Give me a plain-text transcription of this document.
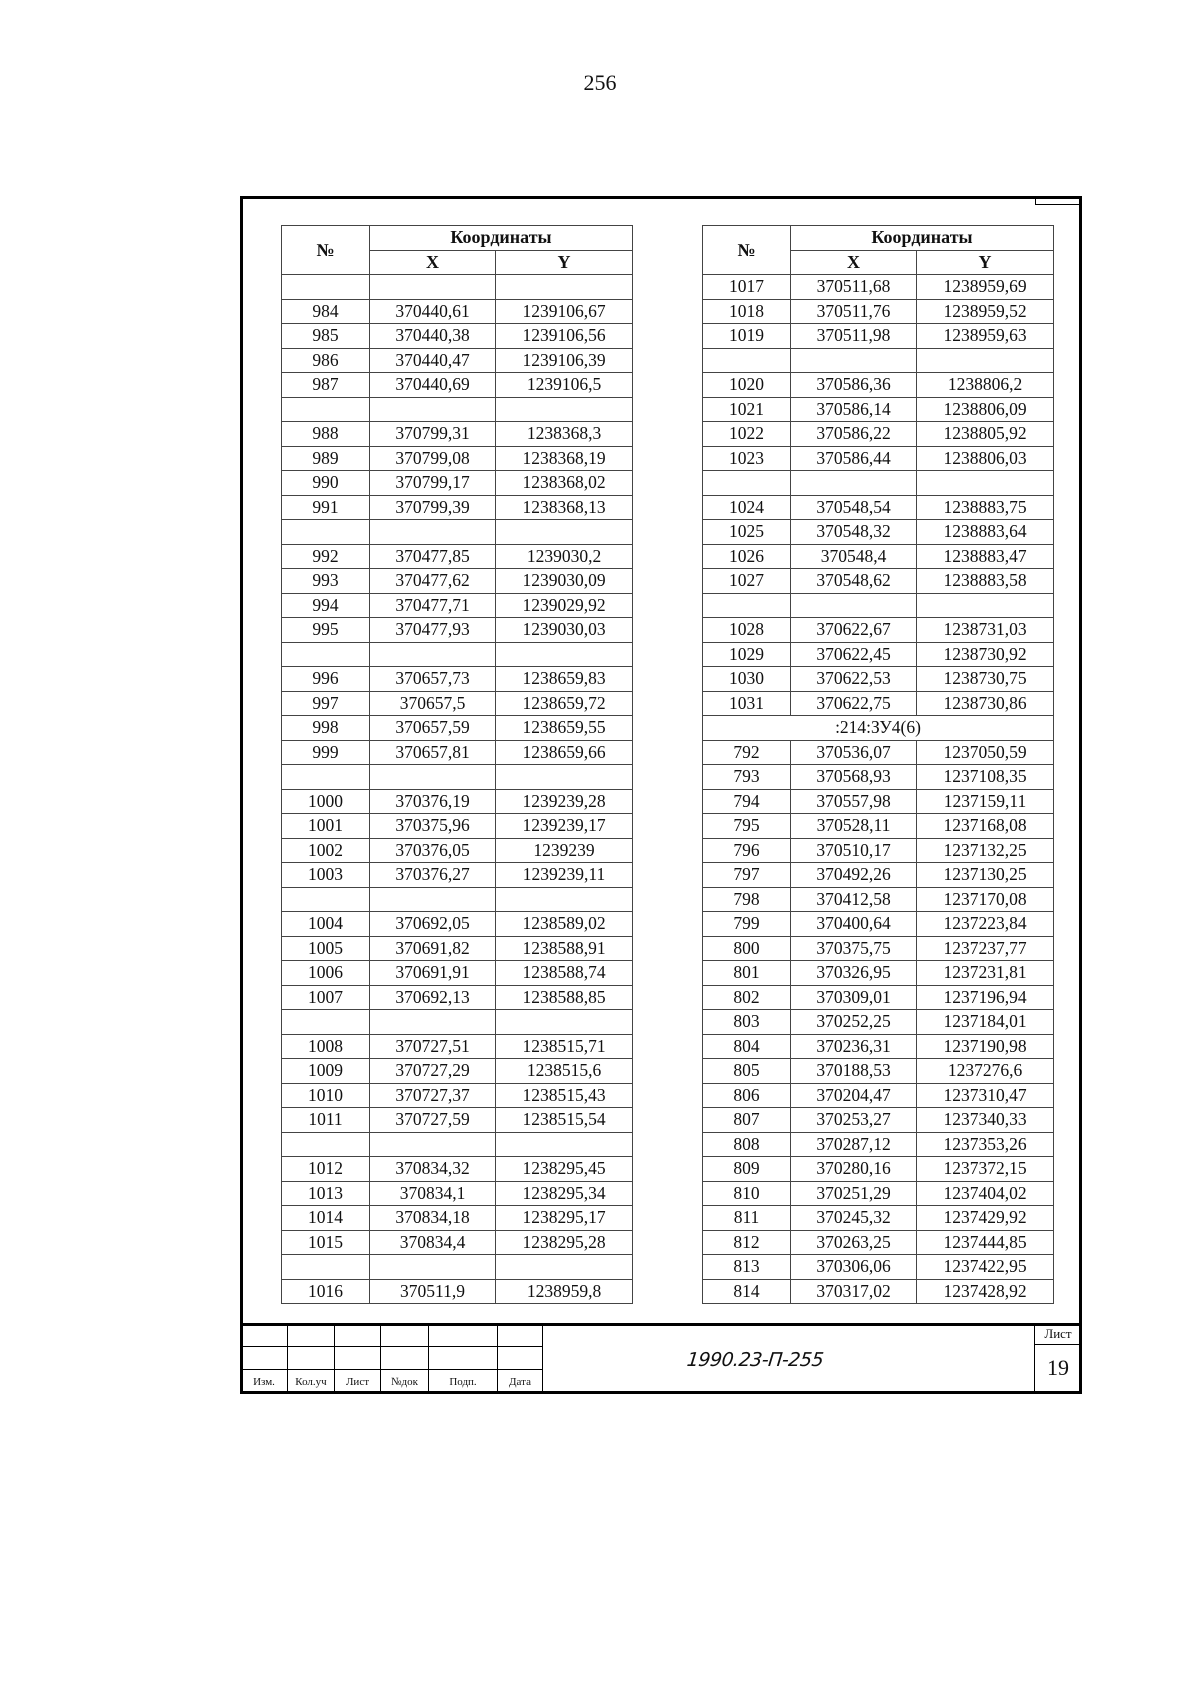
256
№	Координаты	
	X	Y

984	370440,61	1239106,67
985	370440,38	1239106,56
986	370440,47	1239106,39
987	370440,69	1239106,5

988	370799,31	1238368,3
989	370799,08	1238368,19
990	370799,17	1238368,02
991	370799,39	1238368,13

992	370477,85	1239030,2
993	370477,62	1239030,09
994	370477,71	1239029,92
995	370477,93	1239030,03

996	370657,73	1238659,83
997	370657,5	1238659,72
998	370657,59	1238659,55
999	370657,81	1238659,66

1000	370376,19	1239239,28
1001	370375,96	1239239,17
1002	370376,05	1239239
1003	370376,27	1239239,11

1004	370692,05	1238589,02
1005	370691,82	1238588,91
1006	370691,91	1238588,74
1007	370692,13	1238588,85

1008	370727,51	1238515,71
1009	370727,29	1238515,6
1010	370727,37	1238515,43
1011	370727,59	1238515,54

1012	370834,32	1238295,45
1013	370834,1	1238295,34
1014	370834,18	1238295,17
1015	370834,4	1238295,28

1016	370511,9	1238959,8
№	Координаты	
	X	Y
1017	370511,68	1238959,69
1018	370511,76	1238959,52
1019	370511,98	1238959,63

1020	370586,36	1238806,2
1021	370586,14	1238806,09
1022	370586,22	1238805,92
1023	370586,44	1238806,03

1024	370548,54	1238883,75
1025	370548,32	1238883,64
1026	370548,4	1238883,47
1027	370548,62	1238883,58

1028	370622,67	1238731,03
1029	370622,45	1238730,92
1030	370622,53	1238730,75
1031	370622,75	1238730,86
:214:ЗУ4(6)		
792	370536,07	1237050,59
793	370568,93	1237108,35
794	370557,98	1237159,11
795	370528,11	1237168,08
796	370510,17	1237132,25
797	370492,26	1237130,25
798	370412,58	1237170,08
799	370400,64	1237223,84
800	370375,75	1237237,77
801	370326,95	1237231,81
802	370309,01	1237196,94
803	370252,25	1237184,01
804	370236,31	1237190,98
805	370188,53	1237276,6
806	370204,47	1237310,47
807	370253,27	1237340,33
808	370287,12	1237353,26
809	370280,16	1237372,15
810	370251,29	1237404,02
811	370245,32	1237429,92
812	370263,25	1237444,85
813	370306,06	1237422,95
814	370317,02	1237428,92

Изм.	Кол.уч	Лист	№док	Подп.	Дата
1990.23-П-255
Лист
19
